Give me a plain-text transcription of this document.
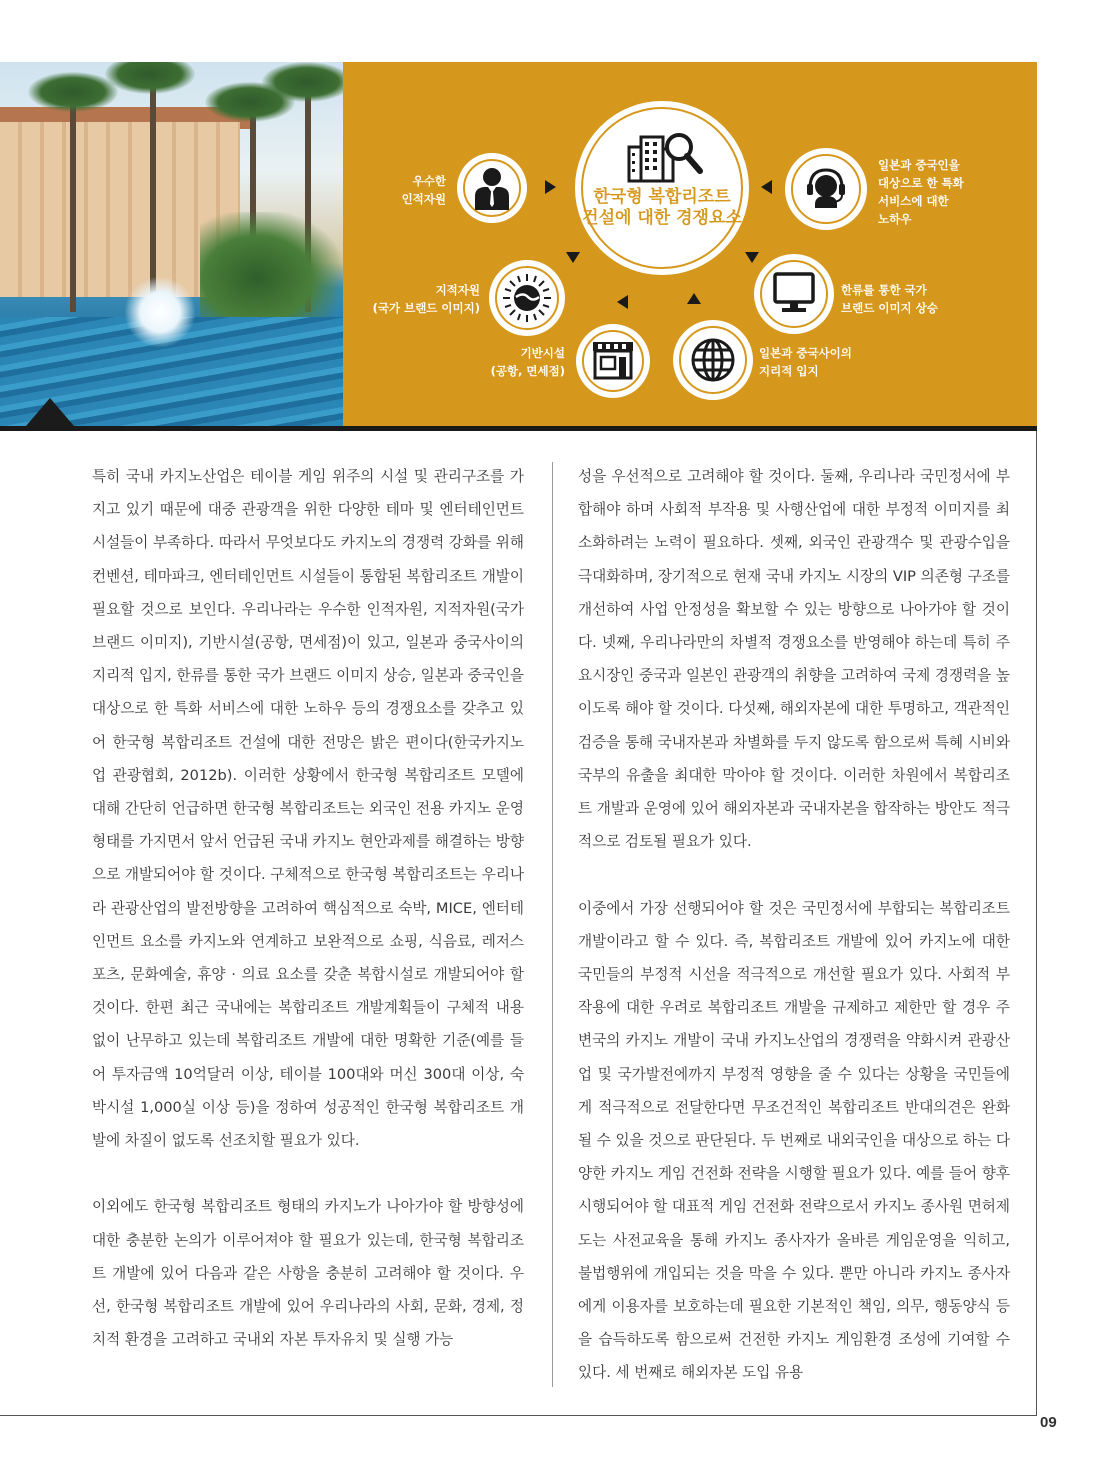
한국형 복합리조트
건설에 대한 경쟁요소
우수한
인적자원
지적자원
(국가 브랜드 이미지)
기반시설
(공항, 면세점)
일본과 중국사이의
지리적 입지
한류를 통한 국가
브랜드 이미지 상승
일본과 중국인을
대상으로 한 특화
서비스에 대한
노하우

특히 국내 카지노산업은 테이블 게임 위주의 시설 및 관리구조를 가지고 있기 때문에 대중 관광객을 위한 다양한 테마 및 엔터테인먼트 시설들이 부족하다. 따라서 무엇보다도 카지노의 경쟁력 강화를 위해 컨벤션, 테마파크, 엔터테인먼트 시설들이 통합된 복합리조트 개발이 필요할 것으로 보인다. 우리나라는 우수한 인적자원, 지적자원(국가 브랜드 이미지), 기반시설(공항, 면세점)이 있고, 일본과 중국사이의 지리적 입지, 한류를 통한 국가 브랜드 이미지 상승, 일본과 중국인을 대상으로 한 특화 서비스에 대한 노하우 등의 경쟁요소를 갖추고 있어 한국형 복합리조트 건설에 대한 전망은 밝은 편이다(한국카지노업 관광협회, 2012b). 이러한 상황에서 한국형 복합리조트 모델에 대해 간단히 언급하면 한국형 복합리조트는 외국인 전용 카지노 운영형태를 가지면서 앞서 언급된 국내 카지노 현안과제를 해결하는 방향으로 개발되어야 할 것이다. 구체적으로 한국형 복합리조트는 우리나라 관광산업의 발전방향을 고려하여 핵심적으로 숙박, MICE, 엔터테인먼트 요소를 카지노와 연계하고 보완적으로 쇼핑, 식음료, 레저스포츠, 문화예술, 휴양 · 의료 요소를 갖춘 복합시설로 개발되어야 할 것이다. 한편 최근 국내에는 복합리조트 개발계획들이 구체적 내용 없이 난무하고 있는데 복합리조트 개발에 대한 명확한 기준(예를 들어 투자금액 10억달러 이상, 테이블 100대와 머신 300대 이상, 숙박시설 1,000실 이상 등)을 정하여 성공적인 한국형 복합리조트 개발에 차질이 없도록 선조치할 필요가 있다.

이외에도 한국형 복합리조트 형태의 카지노가 나아가야 할 방향성에 대한 충분한 논의가 이루어져야 할 필요가 있는데, 한국형 복합리조트 개발에 있어 다음과 같은 사항을 충분히 고려해야 할 것이다. 우선, 한국형 복합리조트 개발에 있어 우리나라의 사회, 문화, 경제, 정치적 환경을 고려하고 국내외 자본 투자유치 및 실행 가능

성을 우선적으로 고려해야 할 것이다. 둘째, 우리나라 국민정서에 부합해야 하며 사회적 부작용 및 사행산업에 대한 부정적 이미지를 최소화하려는 노력이 필요하다. 셋째, 외국인 관광객수 및 관광수입을 극대화하며, 장기적으로 현재 국내 카지노 시장의 VIP 의존형 구조를 개선하여 사업 안정성을 확보할 수 있는 방향으로 나아가야 할 것이다. 넷째, 우리나라만의 차별적 경쟁요소를 반영해야 하는데 특히 주요시장인 중국과 일본인 관광객의 취향을 고려하여 국제 경쟁력을 높이도록 해야 할 것이다. 다섯째, 해외자본에 대한 투명하고, 객관적인 검증을 통해 국내자본과 차별화를 두지 않도록 함으로써 특혜 시비와 국부의 유출을 최대한 막아야 할 것이다. 이러한 차원에서 복합리조트 개발과 운영에 있어 해외자본과 국내자본을 합작하는 방안도 적극적으로 검토될 필요가 있다.

이중에서 가장 선행되어야 할 것은 국민정서에 부합되는 복합리조트 개발이라고 할 수 있다. 즉, 복합리조트 개발에 있어 카지노에 대한 국민들의 부정적 시선을 적극적으로 개선할 필요가 있다. 사회적 부작용에 대한 우려로 복합리조트 개발을 규제하고 제한만 할 경우 주변국의 카지노 개발이 국내 카지노산업의 경쟁력을 약화시켜 관광산업 및 국가발전에까지 부정적 영향을 줄 수 있다는 상황을 국민들에게 적극적으로 전달한다면 무조건적인 복합리조트 반대의견은 완화될 수 있을 것으로 판단된다. 두 번째로 내외국인을 대상으로 하는 다양한 카지노 게임 건전화 전략을 시행할 필요가 있다. 예를 들어 향후 시행되어야 할 대표적 게임 건전화 전략으로서 카지노 종사원 면허제도는 사전교육을 통해 카지노 종사자가 올바른 게임운영을 익히고, 불법행위에 개입되는 것을 막을 수 있다. 뿐만 아니라 카지노 종사자에게 이용자를 보호하는데 필요한 기본적인 책임, 의무, 행동양식 등을 습득하도록 함으로써 건전한 카지노 게임환경 조성에 기여할 수 있다. 세 번째로 해외자본 도입 유용

09
